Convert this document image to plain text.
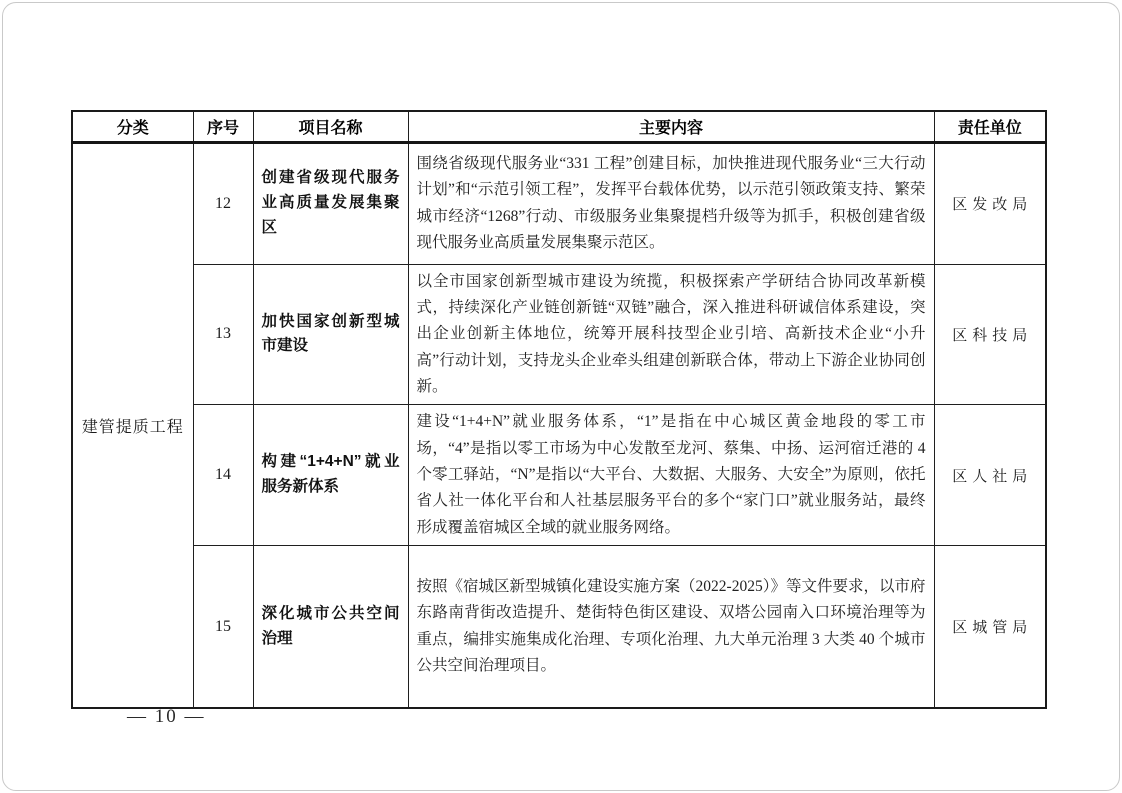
分类	序号	项目名称	主要内容	责任单位
建管提质工程	12	创建省级现代服务业高质量发展集聚区	围绕省级现代服务业“331 工程”创建目标，加快推进现代服务业“三大行动计划”和“示范引领工程”，发挥平台载体优势，以示范引领政策支持、繁荣城市经济“1268”行动、市级服务业集聚提档升级等为抓手，积极创建省级现代服务业高质量发展集聚示范区。	区发改局
	13	加快国家创新型城市建设	以全市国家创新型城市建设为统揽，积极探索产学研结合协同改革新模式，持续深化产业链创新链“双链”融合，深入推进科研诚信体系建设，突出企业创新主体地位，统筹开展科技型企业引培、高新技术企业“小升高”行动计划，支持龙头企业牵头组建创新联合体，带动上下游企业协同创新。	区科技局
	14	构建“1+4+N”就业服务新体系	建设“1+4+N”就业服务体系，“1”是指在中心城区黄金地段的零工市场，“4”是指以零工市场为中心发散至龙河、蔡集、中扬、运河宿迁港的 4 个零工驿站，“N”是指以“大平台、大数据、大服务、大安全”为原则，依托省人社一体化平台和人社基层服务平台的多个“家门口”就业服务站，最终形成覆盖宿城区全域的就业服务网络。	区人社局
	15	深化城市公共空间治理	按照《宿城区新型城镇化建设实施方案（2022-2025）》等文件要求，以市府东路南背街改造提升、楚街特色街区建设、双塔公园南入口环境治理等为重点，编排实施集成化治理、专项化治理、九大单元治理 3 大类 40 个城市公共空间治理项目。	区城管局
— 10 —
